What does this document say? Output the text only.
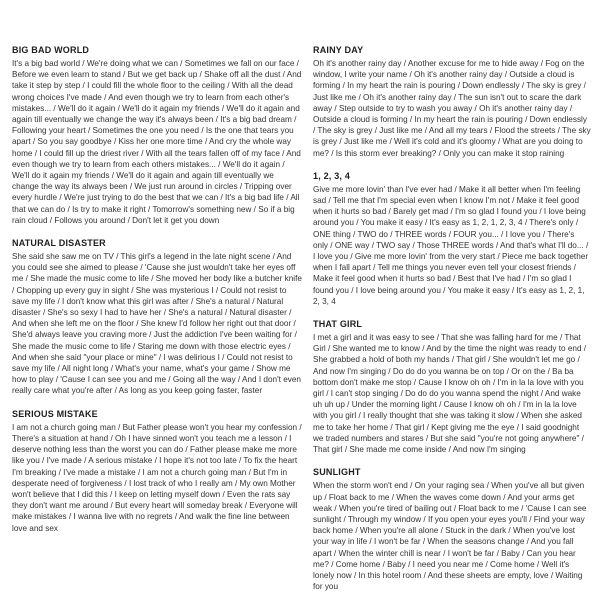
BIG BAD WORLD

It's a big bad world / We're doing what we can / Sometimes we fall on our face / Before we even learn to stand / But we get back up / Shake off all the dust / And take it step by step / I could fill the whole floor to the ceiling / With all the dead wrong choices I've made / And even though we try to learn from each other's mistakes... / We'll do it again / We'll do it again my friends / We'll do it again and again till eventually we change the way it's always been / It's a big bad dream / Following your heart / Sometimes the one you need / Is the one that tears you apart / So you say goodbye / Kiss her one more time / And cry the whole way home / I could fill up the driest river / With all the tears fallen off of my face / And even though we try to learn from each others mistakes... / We'll do it again / We'll do it again my friends / We'll do it again and again till eventually we change the way its always been / We just run around in circles / Tripping over every hurdle / We're just trying to do the best that we can / It's a big bad life / All that we can do / Is try to make it right / Tomorrow's something new / So if a big rain cloud / Follows you around / Don't let it get you down

NATURAL DISASTER

She said she saw me on TV / This girl's a legend in the late night scene / And you could see she aimed to please / 'Cause she just wouldn't take her eyes off me / She made the music come to life / She moved her body like a butcher knife / Chopping up every guy in sight / She was mysterious I / Could not resist to save my life / I don't know what this girl was after / She's a natural / Natural disaster / She's so sexy I had to have her / She's a natural / Natural disaster / And when she left me on the floor / She knew I'd follow her right out that door / She'd always leave you craving more / Just the addiction I've been waiting for / She made the music come to life / Staring me down with those electric eyes / And when she said "your place or mine" / I was delirious I / Could not resist to save my life / All night long / What's your name, what's your game / Show me how to play / 'Cause I can see you and me / Going all the way / And I don't even really care what you're after / As long as you keep going faster, faster

SERIOUS MISTAKE

I am not a church going man / But Father please won't you hear my confession / There's a situation at hand / Oh I have sinned won't you teach me a lesson / I deserve nothing less than the worst you can do / Father please make me more like you / I've made / A serious mistake / I hope it's not too late / To fix the heart I'm breaking / I've made a mistake / I am not a church going man / But I'm in desperate need of forgiveness / I lost track of who I really am / My own Mother won't believe that I did this / I keep on letting myself down / Even the rats say they don't want me around / But every heart will someday break / Everyone will make mistakes / I wanna live with no regrets / And walk the fine line between love and sex

RAINY DAY

Oh it's another rainy day / Another excuse for me to hide away / Fog on the window, I write your name / Oh it's another rainy day / Outside a cloud is forming / In my heart the rain is pouring / Down endlessly / The sky is grey / Just like me / Oh it's another rainy day / The sun isn't out to scare the dark away / Step outside to try to wash you away / Oh it's another rainy day / Outside a cloud is forming / In my heart the rain is pouring / Down endlessly / The sky is grey / Just like me / And all my tears / Flood the streets / The sky is grey / Just like me / Well it's cold and it's gloomy / What are you doing to me? / Is this storm ever breaking? / Only you can make it stop raining

1, 2, 3, 4

Give me more lovin' than I've ever had / Make it all better when I'm feeling sad / Tell me that I'm special even when I know I'm not / Make it feel good when it hurts so bad / Barely get mad / I'm so glad I found you / I love being around you / You make it easy / It's easy as 1, 2, 1, 2, 3, 4 / There's only / ONE thing / TWO do / THREE words / FOUR you... / I love you / There's only / ONE way / TWO say / Those THREE words / And that's what I'll do... / I love you / Give me more lovin' from the very start / Piece me back together when I fall apart / Tell me things you never even tell your closest friends / Make it feel good when it hurts so bad / Best that I've had / I'm so glad I found you / I love being around you / You make it easy / It's easy as 1, 2, 1, 2, 3, 4

THAT GIRL

I met a girl and it was easy to see / That she was falling hard for me / That Girl / She wanted me to know / And by the time the night was ready to end / She grabbed a hold of both my hands / That girl / She wouldn't let me go / And now I'm singing / Do do do you wanna be on top / Or on the / Ba ba bottom don't make me stop / Cause I know oh oh / I'm in la la love with you girl / I can't stop singing / Do do do you wanna spend the night / And wake uh uh up / Under the morning light / Cause I know oh oh / I'm in la la love with you girl / I really thought that she was taking it slow / When she asked me to take her home / That girl / Kept giving me the eye / I said goodnight we traded numbers and stares / But she said "you're not going anywhere" / That girl / She made me come inside / And now I'm singing

SUNLIGHT

When the storm won't end / On your raging sea / When you've all but given up / Float back to me / When the waves come down / And your arms get weak / When you're tired of bailing out / Float back to me / 'Cause I can see sunlight / Through my window / If you open your eyes you'll / Find your way back home / When you're all alone / Stuck in the dark / When you've lost your way in life / I won't be far / When the seasons change / And you fall apart / When the winter chill is near / I won't be far / Baby / Can you hear me? / Come home / Baby / I need you near me / Come home / Well it's lonely now / In this hotel room / And these sheets are empty, love / Waiting for you
